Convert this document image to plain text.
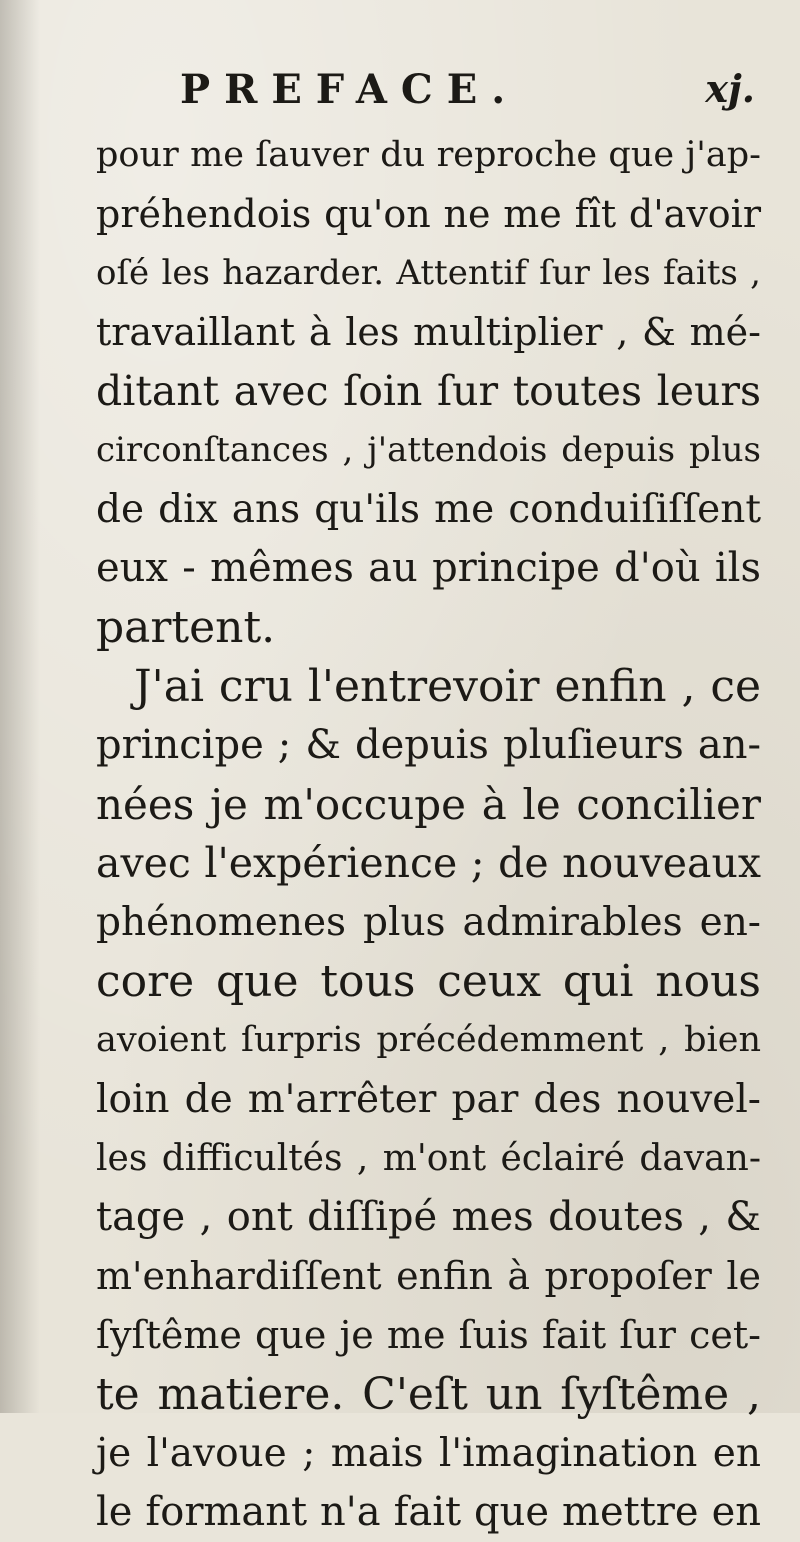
PREFACE.	xj.
pour me ſauver du reproche que j'ap-
préhendois qu'on ne me fît d'avoir
oſé les hazarder. Attentif ſur les faits ,
travaillant à les multiplier , & mé-
ditant avec ſoin ſur toutes leurs
circonſtances , j'attendois depuis plus
de dix ans qu'ils me conduiſiſſent
eux - mêmes au principe d'où ils
partent.
J'ai cru l'entrevoir enfin , ce
principe ; & depuis pluſieurs an-
nées je m'occupe à le concilier
avec l'expérience ; de nouveaux
phénomenes plus admirables en-
core que tous ceux qui nous
avoient ſurpris précédemment , bien
loin de m'arrêter par des nouvel-
les difficultés , m'ont éclairé davan-
tage , ont diſſipé mes doutes , &
m'enhardiſſent enfin à propoſer le
ſyſtême que je me ſuis fait ſur cet-
te matiere. C'eſt un ſyſtême ,
je l'avoue ; mais l'imagination en
le formant n'a fait que mettre en
